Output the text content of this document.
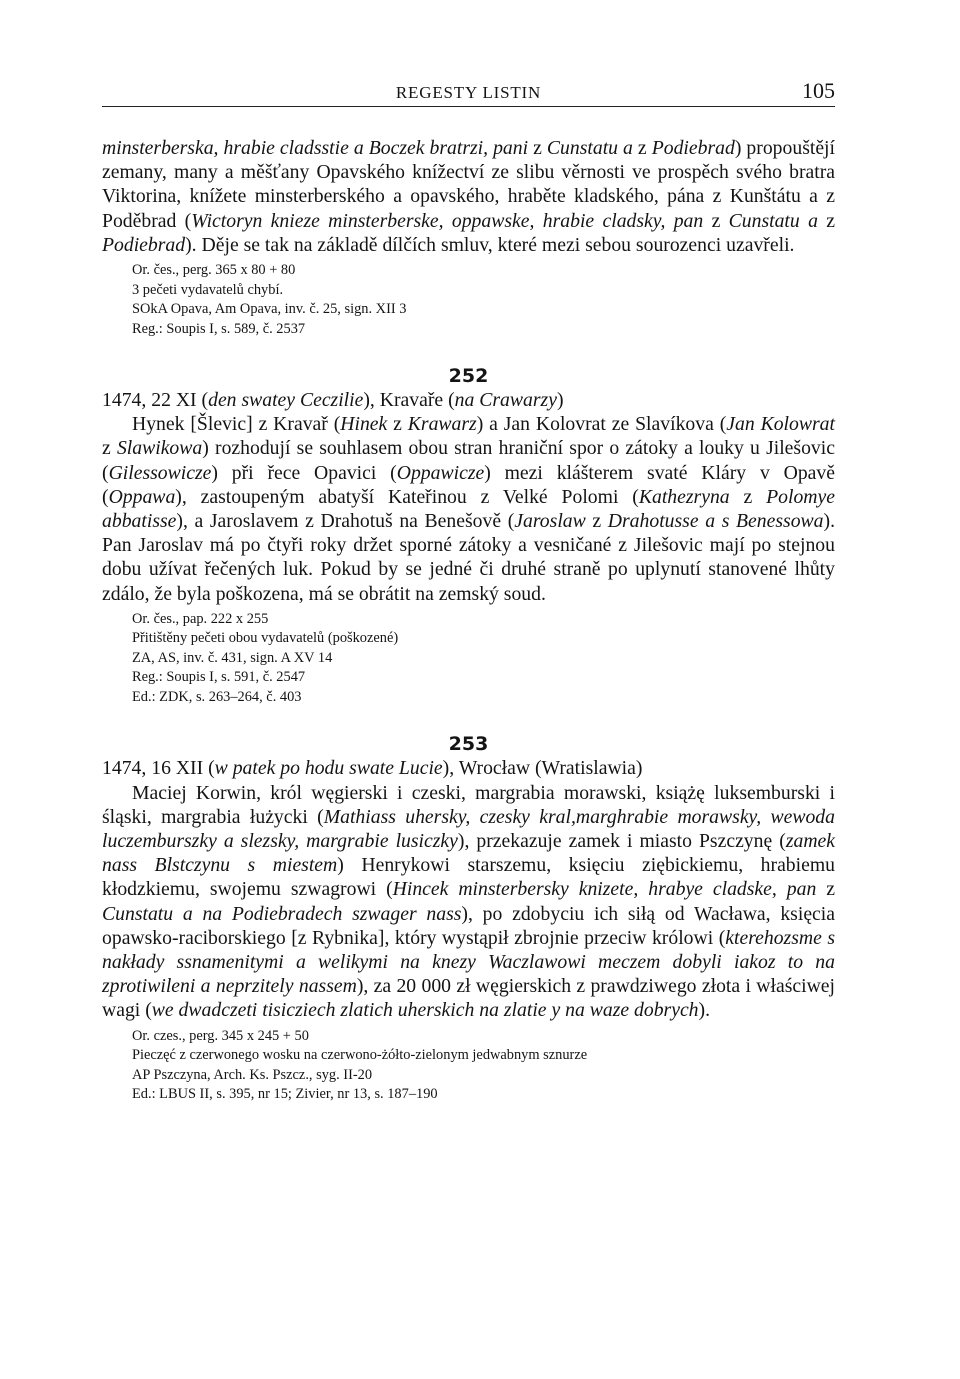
REGESTY LISTIN	105

minsterberska, hrabie cladsstie a Boczek bratrzi, pani z Cunstatu a z Podiebrad) propouštějí zemany, many a měšťany Opavského knížectví ze slibu věrnosti ve prospěch svého bratra Viktorina, knížete minsterberského a opavského, hraběte kladského, pána z Kunštátu a z Poděbrad (Wictoryn knieze minsterberske, oppawske, hrabie cladsky, pan z Cunstatu a z Podiebrad). Děje se tak na základě dílčích smluv, které mezi sebou sourozenci uzavřeli.

Or. čes., perg. 365 x 80 + 80
3 pečeti vydavatelů chybí.
SOkA Opava, Am Opava, inv. č. 25, sign. XII 3
Reg.: Soupis I, s. 589, č. 2537
252

1474, 22 XI (den swatey Ceczilie), Kravaře (na Crawarzy)

Hynek [Šlevic] z Kravař (Hinek z Krawarz) a Jan Kolovrat ze Slavíkova (Jan Kolowrat z Slawikowa) rozhodují se souhlasem obou stran hraniční spor o zátoky a louky u Jilešovic (Gilessowicze) při řece Opavici (Oppawicze) mezi klášterem svaté Kláry v Opavě (Oppawa), zastoupeným abatyší Kateřinou z Velké Polomi (Kathezryna z Polomye abbatisse), a Jaroslavem z Drahotuš na Benešově (Jaroslaw z Drahotusse a s Benessowa). Pan Jaroslav má po čtyři roky držet sporné zátoky a vesničané z Jilešovic mají po stejnou dobu užívat řečených luk. Pokud by se jedné či druhé straně po uplynutí stanovené lhůty zdálo, že byla poškozena, má se obrátit na zemský soud.

Or. čes., pap. 222 x 255
Přitištěny pečeti obou vydavatelů (poškozené)
ZA, AS, inv. č. 431, sign. A XV 14
Reg.: Soupis I, s. 591, č. 2547
Ed.: ZDK, s. 263–264, č. 403
253

1474, 16 XII (w patek po hodu swate Lucie), Wrocław (Wratislawia)

Maciej Korwin, król węgierski i czeski, margrabia morawski, książę luksemburski i śląski, margrabia łużycki (Mathiass uhersky, czesky kral,marghrabie morawsky, wewoda luczemburszky a slezsky, margrabie lusiczky), przekazuje zamek i miasto Pszczynę (zamek nass Blstczynu s miestem) Henrykowi starszemu, księciu ziębickiemu, hrabiemu kłodzkiemu, swojemu szwagrowi (Hincek minsterbersky knizete, hrabye cladske, pan z Cunstatu a na Podiebradech szwager nass), po zdobyciu ich siłą od Wacława, księcia opawsko-raciborskiego [z Rybnika], który wystąpił zbrojnie przeciw królowi (kterehozsme s nakłady ssnamenitymi a welikymi na knezy Waczlawowi meczem dobyli iakoz to na zprotiwileni a neprzitely nassem), za 20 000 zł węgierskich z prawdziwego złota i właściwej wagi (we dwadczeti tisicziech zlatich uherskich na zlatie y na waze dobrych).

Or. czes., perg. 345 x 245 + 50
Pieczęć z czerwonego wosku na czerwono-żółto-zielonym jedwabnym sznurze
AP Pszczyna, Arch. Ks. Pszcz., syg. II-20
Ed.: LBUS II, s. 395, nr 15; Zivier, nr 13, s. 187–190
